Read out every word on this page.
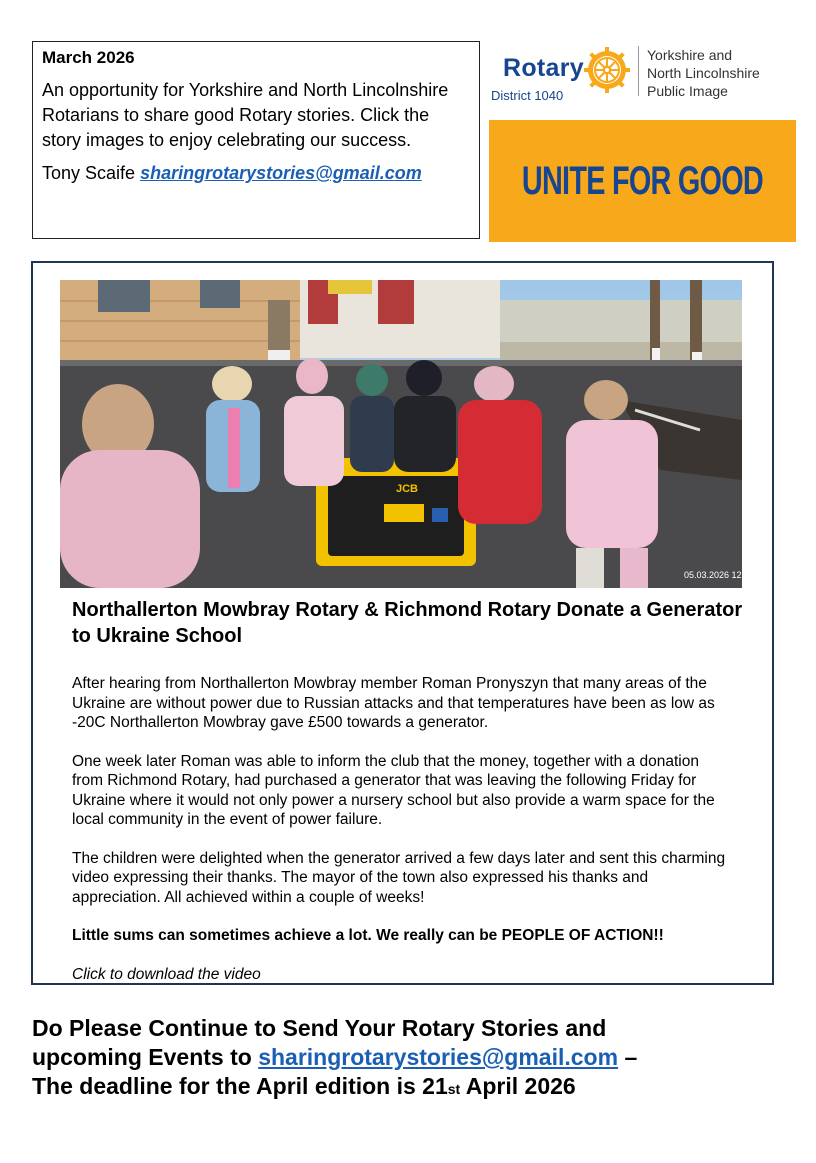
March 2026

An opportunity for Yorkshire and North Lincolnshire Rotarians to share good Rotary stories. Click the story images to enjoy celebrating our success.

Tony Scaife sharingrotarystories@gmail.com
Rotary
District 1040
Yorkshire and
North Lincolnshire
Public Image
UNITE FOR GOOD
JCB
05.03.2026 12:16
Northallerton Mowbray Rotary & Richmond Rotary Donate a Generator to Ukraine School

After hearing from Northallerton Mowbray member Roman Pronyszyn that many areas of the Ukraine are without power due to Russian attacks and that temperatures have been as low as -20C Northallerton Mowbray gave £500 towards a generator.

One week later Roman was able to inform the club that the money, together with a donation from Richmond Rotary, had purchased a generator that was leaving the following Friday for Ukraine where it would not only power a nursery school but also provide a warm space for the local community in the event of power failure.

The children were delighted when the generator arrived a few days later and sent this charming video expressing their thanks. The mayor of the town also expressed his thanks and appreciation. All achieved within a couple of weeks!

Little sums can sometimes achieve a lot. We really can be PEOPLE OF ACTION!!

Click to download the video

Do Please Continue to Send Your Rotary Stories and
upcoming Events to sharingrotarystories@gmail.com –
The deadline for the April edition is 21st April 2026
